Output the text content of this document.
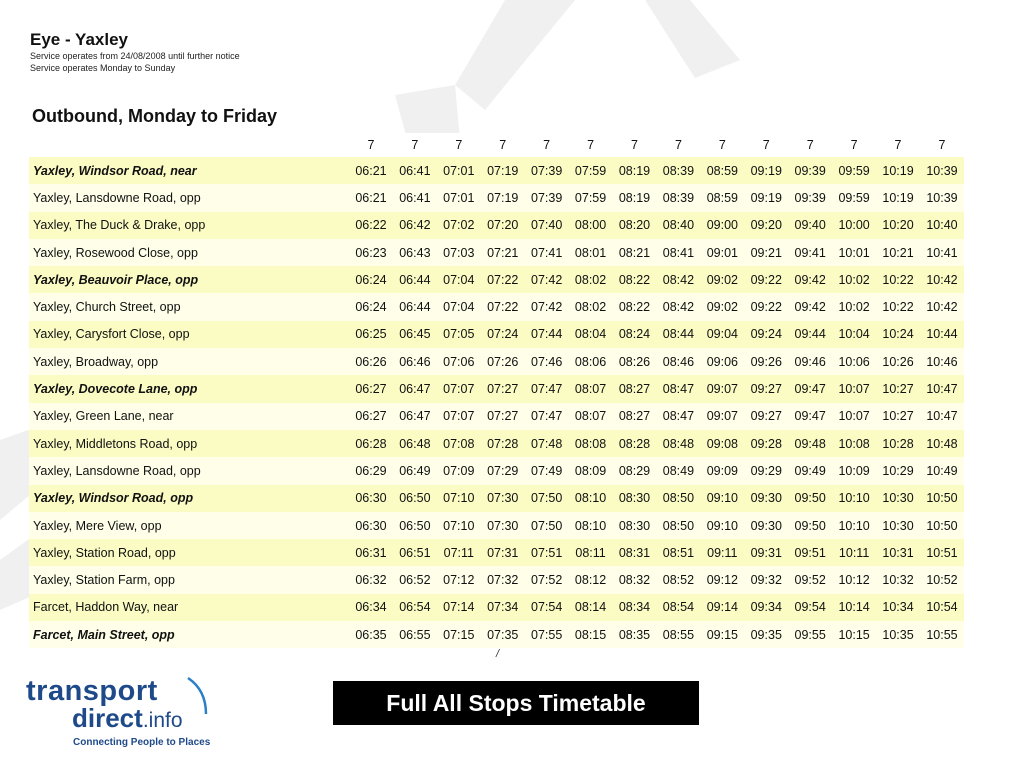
Eye - Yaxley
Service operates from 24/08/2008 until further notice
Service operates Monday to Sunday
Outbound, Monday to Friday
	7	7	7	7	7	7	7	7	7	7	7	7	7	7
Yaxley, Windsor Road, near	06:21	06:41	07:01	07:19	07:39	07:59	08:19	08:39	08:59	09:19	09:39	09:59	10:19	10:39
Yaxley, Lansdowne Road, opp	06:21	06:41	07:01	07:19	07:39	07:59	08:19	08:39	08:59	09:19	09:39	09:59	10:19	10:39
Yaxley, The Duck & Drake, opp	06:22	06:42	07:02	07:20	07:40	08:00	08:20	08:40	09:00	09:20	09:40	10:00	10:20	10:40
Yaxley, Rosewood Close, opp	06:23	06:43	07:03	07:21	07:41	08:01	08:21	08:41	09:01	09:21	09:41	10:01	10:21	10:41
Yaxley, Beauvoir Place, opp	06:24	06:44	07:04	07:22	07:42	08:02	08:22	08:42	09:02	09:22	09:42	10:02	10:22	10:42
Yaxley, Church Street, opp	06:24	06:44	07:04	07:22	07:42	08:02	08:22	08:42	09:02	09:22	09:42	10:02	10:22	10:42
Yaxley, Carysfort Close, opp	06:25	06:45	07:05	07:24	07:44	08:04	08:24	08:44	09:04	09:24	09:44	10:04	10:24	10:44
Yaxley, Broadway, opp	06:26	06:46	07:06	07:26	07:46	08:06	08:26	08:46	09:06	09:26	09:46	10:06	10:26	10:46
Yaxley, Dovecote Lane, opp	06:27	06:47	07:07	07:27	07:47	08:07	08:27	08:47	09:07	09:27	09:47	10:07	10:27	10:47
Yaxley, Green Lane, near	06:27	06:47	07:07	07:27	07:47	08:07	08:27	08:47	09:07	09:27	09:47	10:07	10:27	10:47
Yaxley, Middletons Road, opp	06:28	06:48	07:08	07:28	07:48	08:08	08:28	08:48	09:08	09:28	09:48	10:08	10:28	10:48
Yaxley, Lansdowne Road, opp	06:29	06:49	07:09	07:29	07:49	08:09	08:29	08:49	09:09	09:29	09:49	10:09	10:29	10:49
Yaxley, Windsor Road, opp	06:30	06:50	07:10	07:30	07:50	08:10	08:30	08:50	09:10	09:30	09:50	10:10	10:30	10:50
Yaxley, Mere View, opp	06:30	06:50	07:10	07:30	07:50	08:10	08:30	08:50	09:10	09:30	09:50	10:10	10:30	10:50
Yaxley, Station Road, opp	06:31	06:51	07:11	07:31	07:51	08:11	08:31	08:51	09:11	09:31	09:51	10:11	10:31	10:51
Yaxley, Station Farm, opp	06:32	06:52	07:12	07:32	07:52	08:12	08:32	08:52	09:12	09:32	09:52	10:12	10:32	10:52
Farcet, Haddon Way, near	06:34	06:54	07:14	07:34	07:54	08:14	08:34	08:54	09:14	09:34	09:54	10:14	10:34	10:54
Farcet, Main Street, opp	06:35	06:55	07:15	07:35	07:55	08:15	08:35	08:55	09:15	09:35	09:55	10:15	10:35	10:55
/
transport
direct.info
Connecting People to Places
Full All Stops Timetable
